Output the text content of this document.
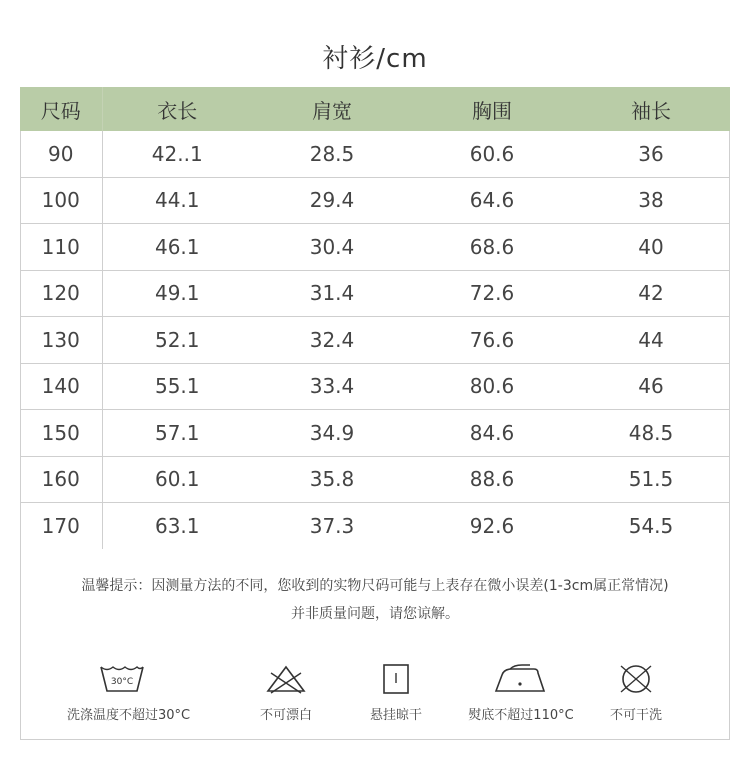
衬衫/cm
尺码	衣长	肩宽	胸围	袖长
90	42..1	28.5	60.6	36
100	44.1	29.4	64.6	38
110	46.1	30.4	68.6	40
120	49.1	31.4	72.6	42
130	52.1	32.4	76.6	44
140	55.1	33.4	80.6	46
150	57.1	34.9	84.6	48.5
160	60.1	35.8	88.6	51.5
170	63.1	37.3	92.6	54.5
温馨提示：因测量方法的不同，您收到的实物尺码可能与上表存在微小误差(1-3cm属正常情况)
并非质量问题，请您谅解。
30°C
洗涤温度不超过30°C	不可漂白	悬挂晾干	熨底不超过110°C	不可干洗
